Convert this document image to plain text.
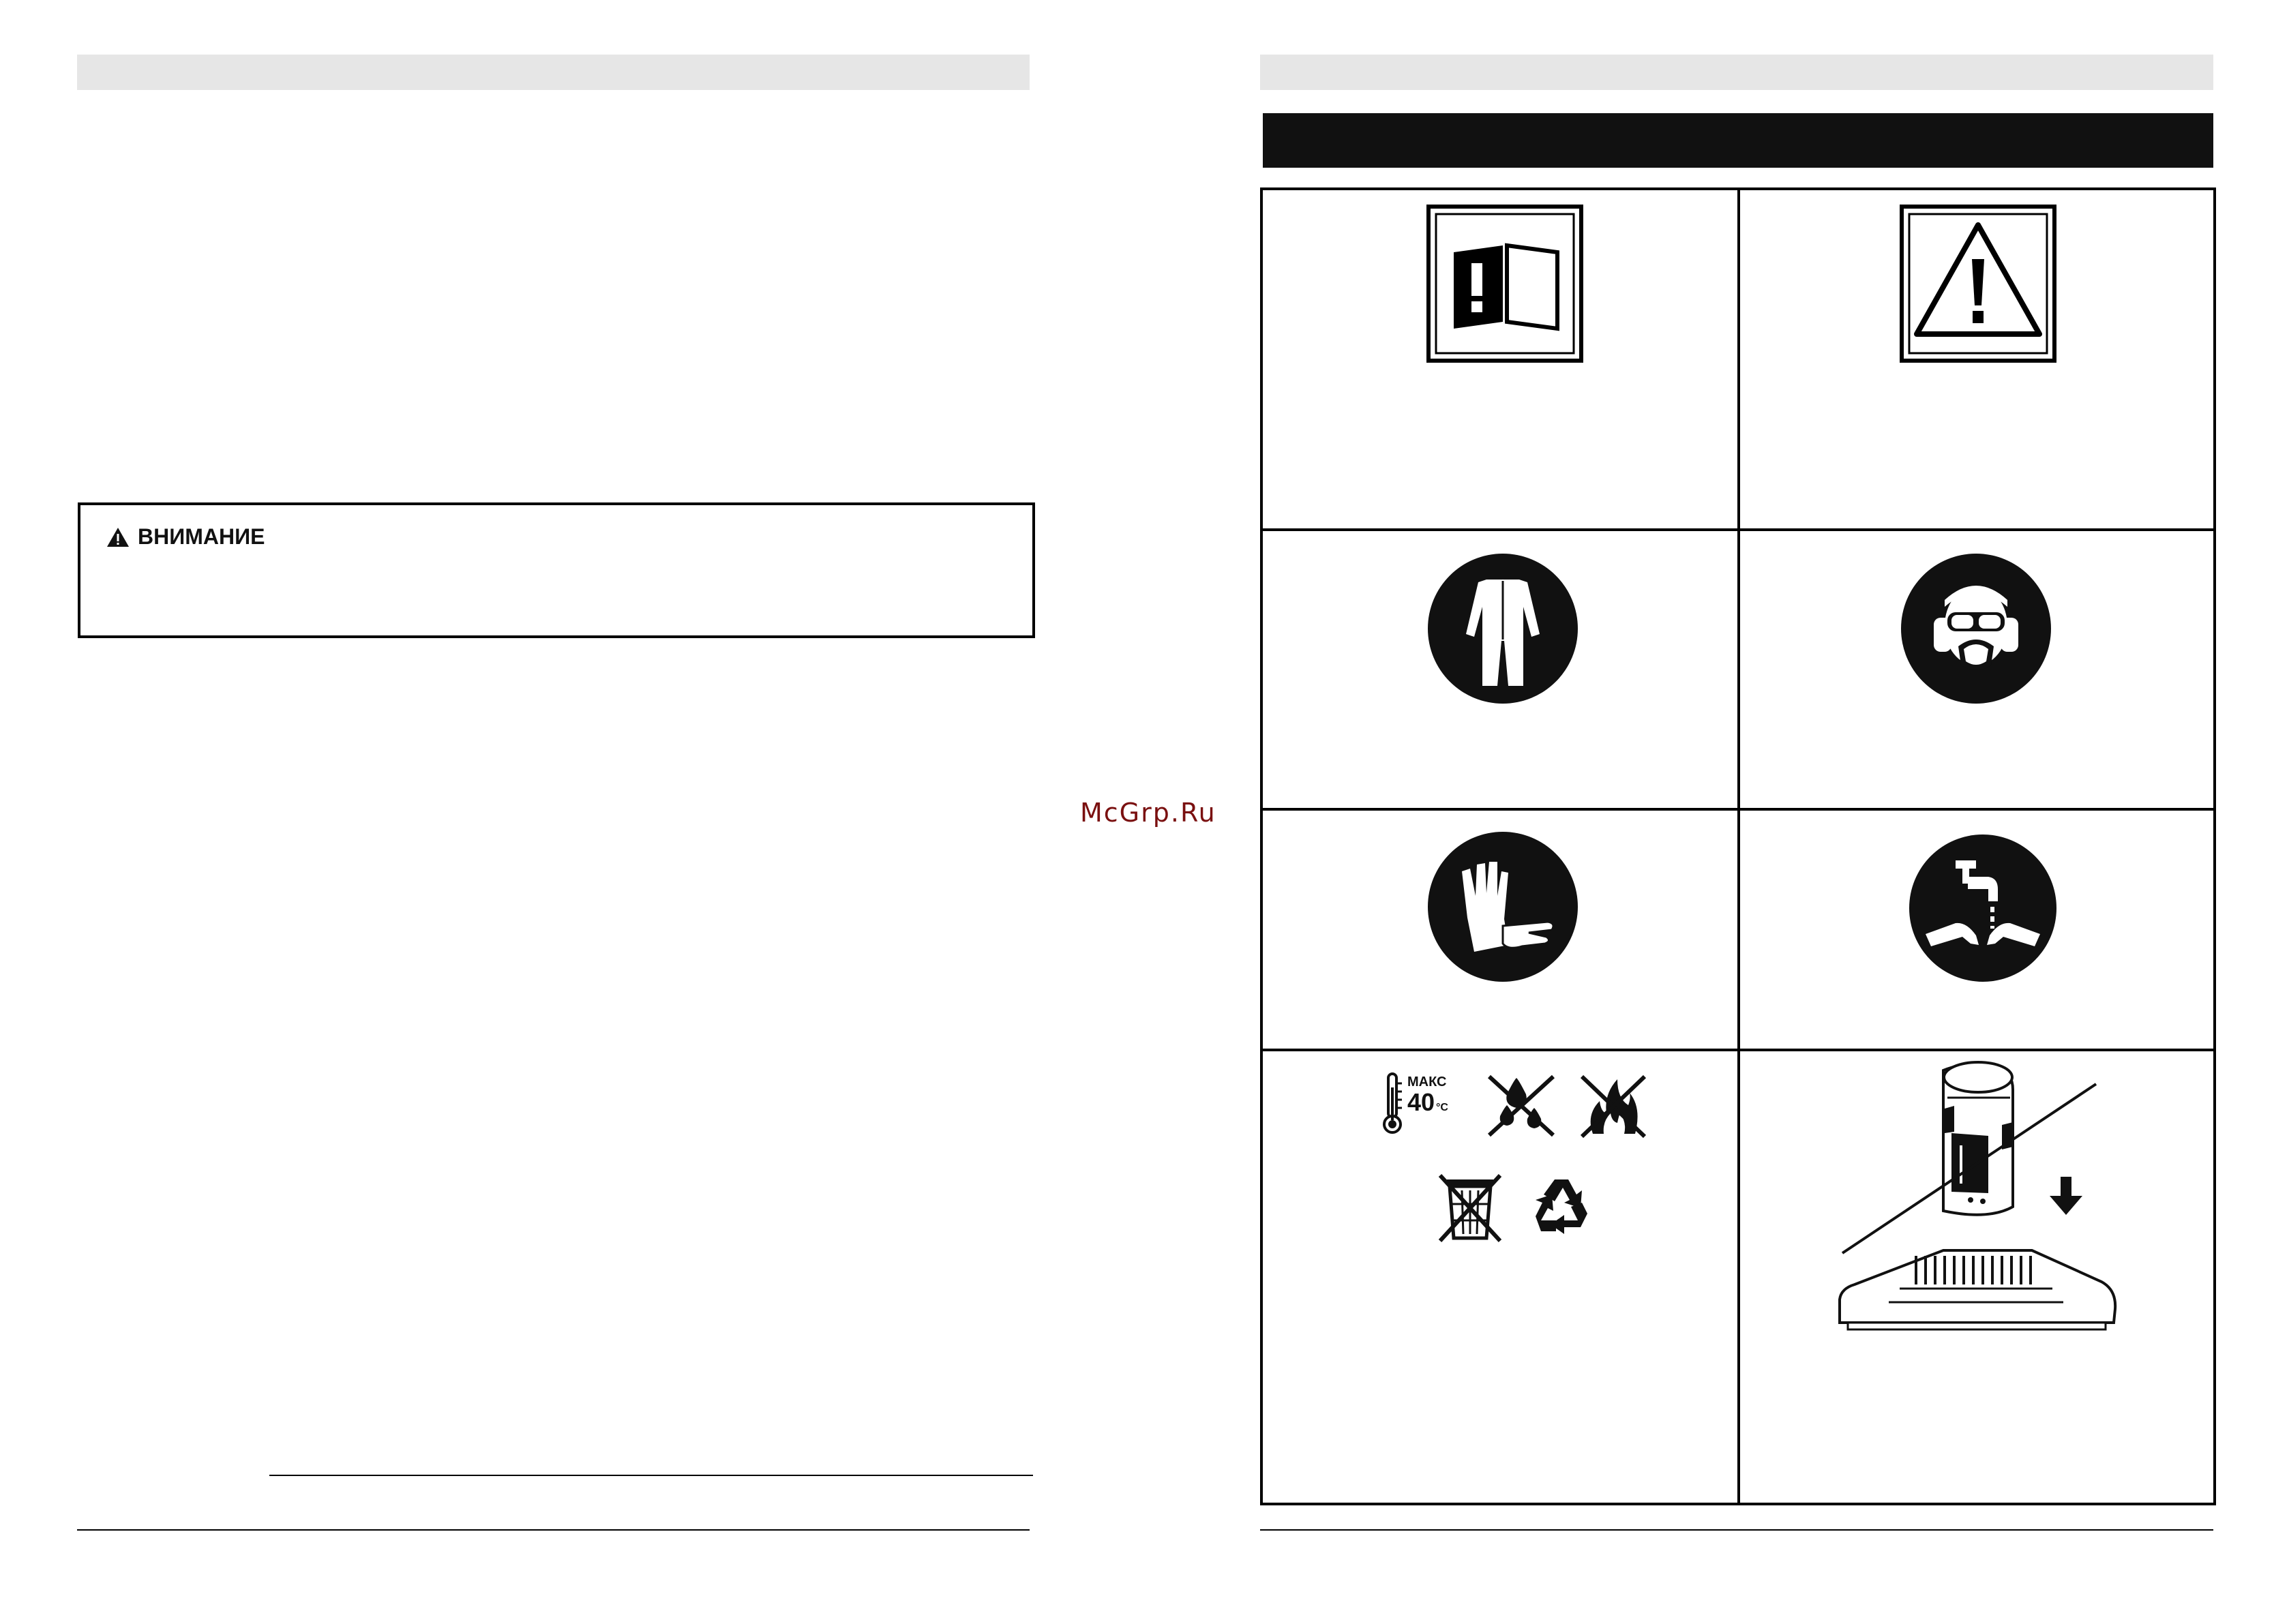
ВНИМАНИЕ
McGrp.Ru
МАКС
40 °C
